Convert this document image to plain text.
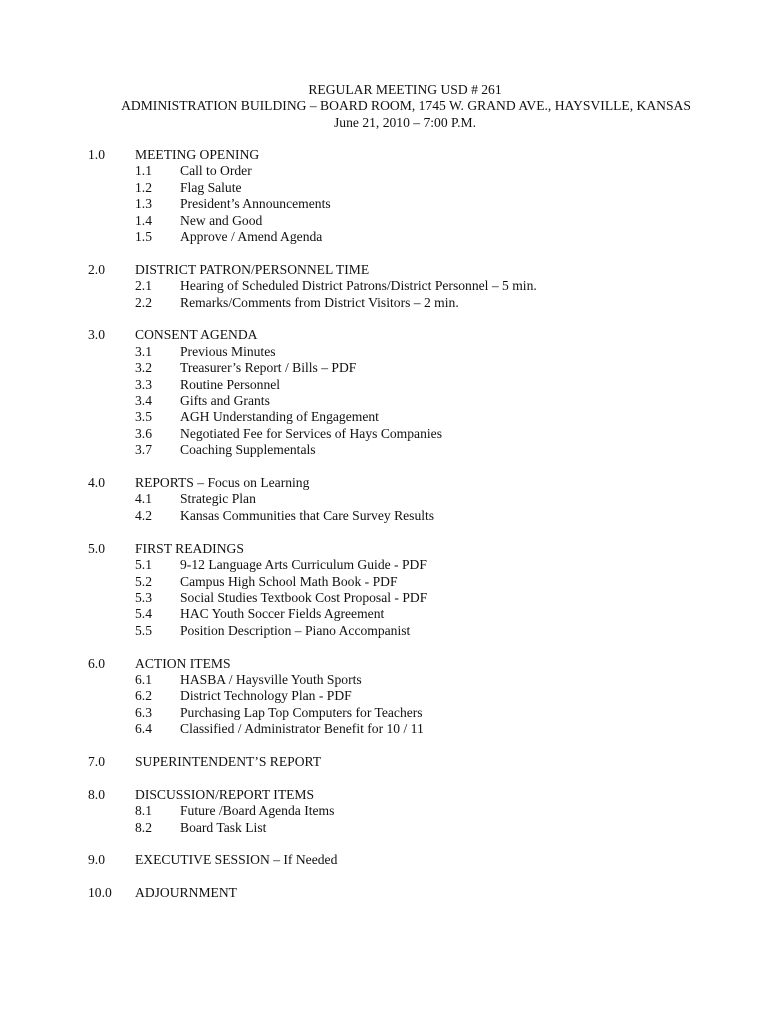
REGULAR MEETING USD # 261
ADMINISTRATION BUILDING – BOARD ROOM, 1745 W. GRAND AVE., HAYSVILLE, KANSAS
June 21, 2010 – 7:00 P.M.
1.0	MEETING OPENING
1.1	Call to Order
1.2	Flag Salute
1.3	President’s Announcements
1.4	New and Good
1.5	Approve / Amend Agenda
2.0	DISTRICT PATRON/PERSONNEL TIME
2.1	Hearing of Scheduled District Patrons/District Personnel – 5 min.
2.2	Remarks/Comments from District Visitors – 2 min.
3.0	CONSENT AGENDA
3.1	Previous Minutes
3.2	Treasurer’s Report / Bills – PDF
3.3	Routine Personnel
3.4	Gifts and Grants
3.5	AGH Understanding of Engagement
3.6	Negotiated Fee for Services of Hays Companies
3.7	Coaching Supplementals
4.0	REPORTS – Focus on Learning
4.1	Strategic Plan
4.2	Kansas Communities that Care Survey Results
5.0	FIRST READINGS
5.1	9-12 Language Arts Curriculum Guide - PDF
5.2	Campus High School Math Book - PDF
5.3	Social Studies Textbook Cost Proposal - PDF
5.4	HAC Youth Soccer Fields Agreement
5.5	Position Description – Piano Accompanist
6.0	ACTION ITEMS
6.1	HASBA / Haysville Youth Sports
6.2	District Technology Plan - PDF
6.3	Purchasing Lap Top Computers for Teachers
6.4	Classified / Administrator Benefit for 10 / 11
7.0	SUPERINTENDENT’S REPORT
8.0	DISCUSSION/REPORT ITEMS
8.1	Future /Board Agenda Items
8.2	Board Task List
9.0	EXECUTIVE SESSION – If Needed
10.0	ADJOURNMENT
